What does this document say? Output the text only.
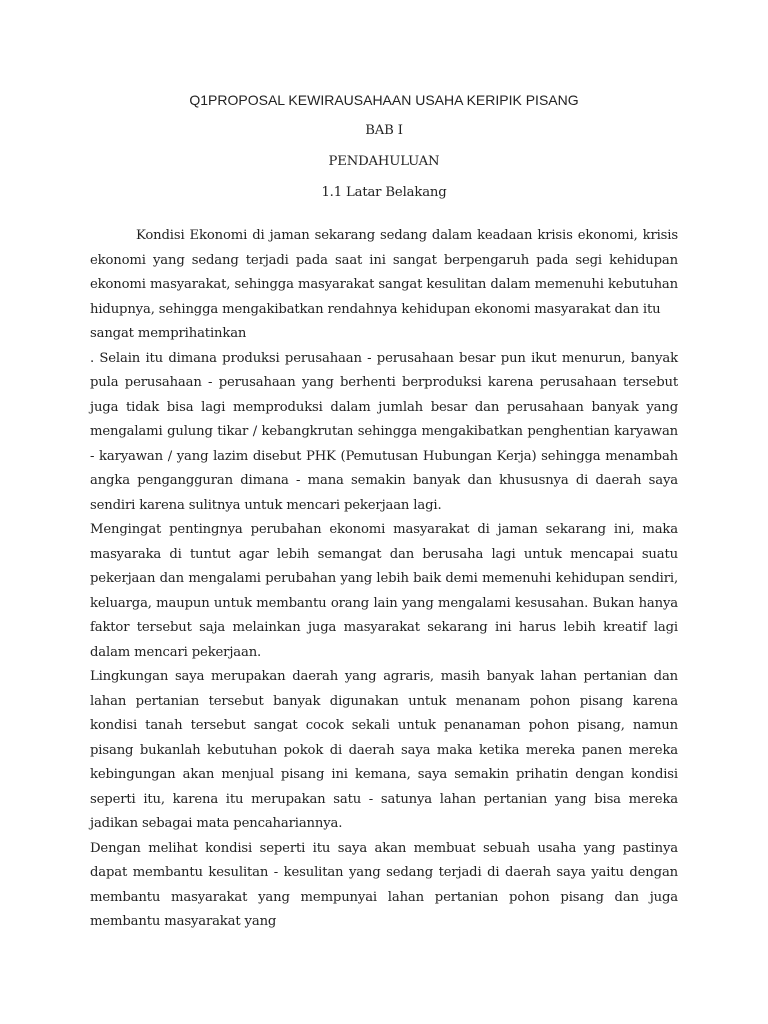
Q1PROPOSAL KEWIRAUSAHAAN USAHA KERIPIK PISANG

BAB I

PENDAHULUAN

1.1 Latar Belakang

Kondisi Ekonomi di jaman sekarang sedang dalam keadaan krisis ekonomi, krisis ekonomi yang sedang terjadi pada saat ini sangat berpengaruh pada segi kehidupan ekonomi masyarakat, sehingga masyarakat sangat kesulitan dalam memenuhi kebutuhan hidupnya, sehingga mengakibatkan rendahnya kehidupan ekonomi masyarakat dan itu

sangat memprihatinkan

. Selain itu dimana produksi perusahaan - perusahaan besar pun ikut menurun, banyak pula perusahaan - perusahaan yang berhenti berproduksi karena perusahaan tersebut juga tidak bisa lagi memproduksi dalam jumlah besar dan perusahaan banyak yang mengalami gulung tikar / kebangkrutan sehingga mengakibatkan penghentian karyawan - karyawan / yang lazim disebut PHK (Pemutusan Hubungan Kerja) sehingga menambah angka pengangguran dimana - mana semakin banyak dan khususnya di daerah saya sendiri karena sulitnya untuk mencari pekerjaan lagi.

Mengingat pentingnya perubahan ekonomi masyarakat di jaman sekarang ini, maka masyaraka di tuntut agar lebih semangat dan berusaha lagi untuk mencapai suatu pekerjaan dan mengalami perubahan yang lebih baik demi memenuhi kehidupan sendiri, keluarga, maupun untuk membantu orang lain yang mengalami kesusahan. Bukan hanya faktor tersebut saja melainkan juga masyarakat sekarang ini harus lebih kreatif lagi dalam mencari pekerjaan.

Lingkungan saya merupakan daerah yang agraris, masih banyak lahan pertanian dan lahan pertanian tersebut banyak digunakan untuk menanam pohon pisang karena kondisi tanah tersebut sangat cocok sekali untuk penanaman pohon pisang, namun pisang bukanlah kebutuhan pokok di daerah saya maka ketika mereka panen mereka kebingungan akan menjual pisang ini kemana, saya semakin prihatin dengan kondisi seperti itu, karena itu merupakan satu - satunya lahan pertanian yang bisa mereka jadikan sebagai mata pencahariannya.

Dengan melihat kondisi seperti itu saya akan membuat sebuah usaha yang pastinya dapat membantu kesulitan - kesulitan yang sedang terjadi di daerah saya yaitu dengan membantu masyarakat yang mempunyai lahan pertanian pohon pisang dan juga membantu masyarakat yang
